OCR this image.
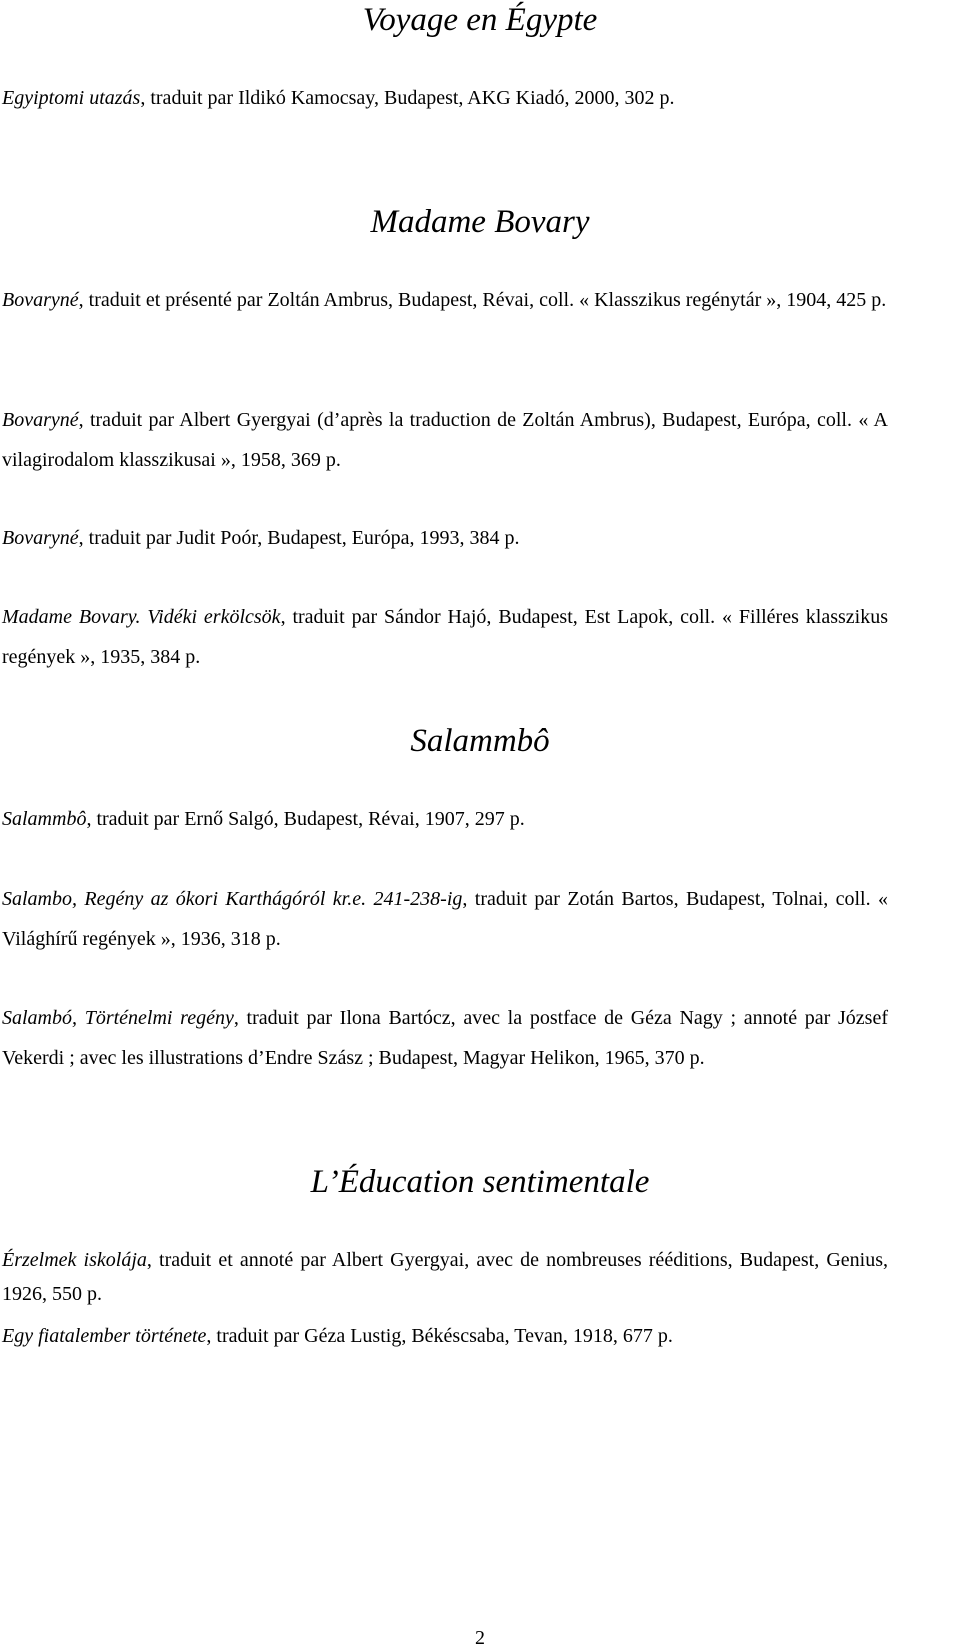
Voyage en Égypte

Egyiptomi utazás, traduit par Ildikó Kamocsay, Budapest, AKG Kiadó, 2000, 302 p.

Madame Bovary

Bovaryné, traduit et présenté par Zoltán Ambrus, Budapest, Révai, coll. « Klasszikus regénytár », 1904, 425 p.

Bovaryné, traduit par Albert Gyergyai (d’après la traduction de Zoltán Ambrus), Budapest, Európa, coll. « A vilagirodalom klasszikusai », 1958, 369 p.

Bovaryné, traduit par Judit Poór, Budapest, Európa, 1993, 384 p.

Madame Bovary. Vidéki erkölcsök, traduit par Sándor Hajó, Budapest, Est Lapok, coll. « Filléres klasszikus regények », 1935, 384 p.

Salammbô

Salammbô, traduit par Ernő Salgó, Budapest, Révai, 1907, 297 p.

Salambo, Regény az ókori Karthágóról kr.e. 241-238-ig, traduit par Zotán Bartos, Budapest, Tolnai, coll. « Világhírű regények », 1936, 318 p.

Salambó, Történelmi regény, traduit par Ilona Bartócz, avec la postface de Géza Nagy ; annoté par József Vekerdi ; avec les illustrations d’Endre Szász ; Budapest, Magyar Helikon, 1965, 370 p.

L’Éducation sentimentale

Érzelmek iskolája, traduit et annoté par Albert Gyergyai, avec de nombreuses rééditions, Budapest, Genius, 1926, 550 p.

Egy fiatalember története, traduit par Géza Lustig, Békéscsaba, Tevan, 1918, 677 p.

2
